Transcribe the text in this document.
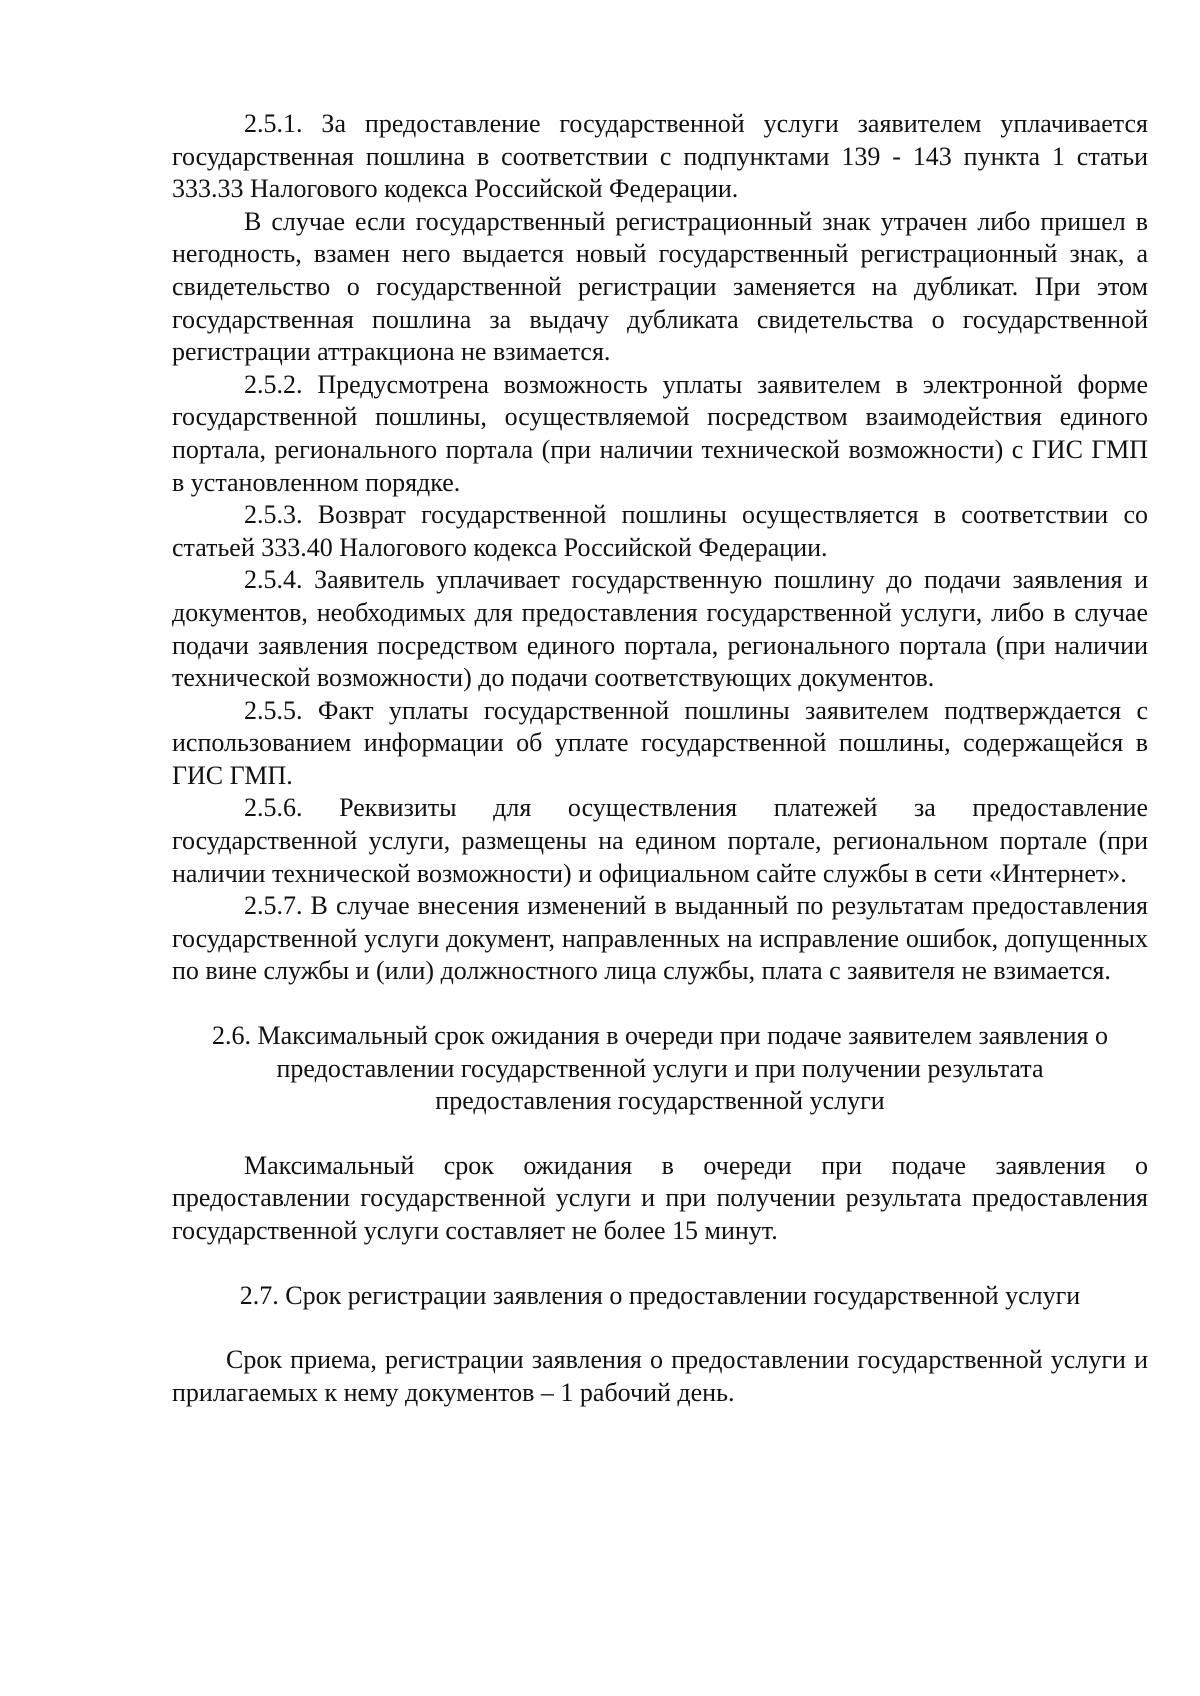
2.5.1. За предоставление государственной услуги заявителем уплачивается государственная пошлина в соответствии с подпунктами 139 - 143 пункта 1 статьи 333.33 Налогового кодекса Российской Федерации.

В случае если государственный регистрационный знак утрачен либо пришел в негодность, взамен него выдается новый государственный регистрационный знак, а свидетельство о государственной регистрации заменяется на дубликат. При этом государственная пошлина за выдачу дубликата свидетельства о государственной регистрации аттракциона не взимается.

2.5.2. Предусмотрена возможность уплаты заявителем в электронной форме государственной пошлины, осуществляемой посредством взаимодействия единого портала, регионального портала (при наличии технической возможности) с ГИС ГМП в установленном порядке.

2.5.3. Возврат государственной пошлины осуществляется в соответствии со статьей 333.40 Налогового кодекса Российской Федерации.

2.5.4. Заявитель уплачивает государственную пошлину до подачи заявления и документов, необходимых для предоставления государственной услуги, либо в случае подачи заявления посредством единого портала, регионального портала (при наличии технической возможности) до подачи соответствующих документов.

2.5.5. Факт уплаты государственной пошлины заявителем подтверждается с использованием информации об уплате государственной пошлины, содержащейся в ГИС ГМП.

2.5.6. Реквизиты для осуществления платежей за предоставление государственной услуги, размещены на едином портале, региональном портале (при наличии технической возможности) и официальном сайте службы в сети «Интернет».

2.5.7. В случае внесения изменений в выданный по результатам предоставления государственной услуги документ, направленных на исправление ошибок, допущенных по вине службы и (или) должностного лица службы, плата с заявителя не взимается.

2.6. Максимальный срок ожидания в очереди при подаче заявителем заявления о предоставлении государственной услуги и при получении результата предоставления государственной услуги

Максимальный срок ожидания в очереди при подаче заявления о предоставлении государственной услуги и при получении результата предоставления государственной услуги составляет не более 15 минут.

2.7. Срок регистрации заявления о предоставлении государственной услуги

Срок приема, регистрации заявления о предоставлении государственной услуги и прилагаемых к нему документов – 1 рабочий день.
